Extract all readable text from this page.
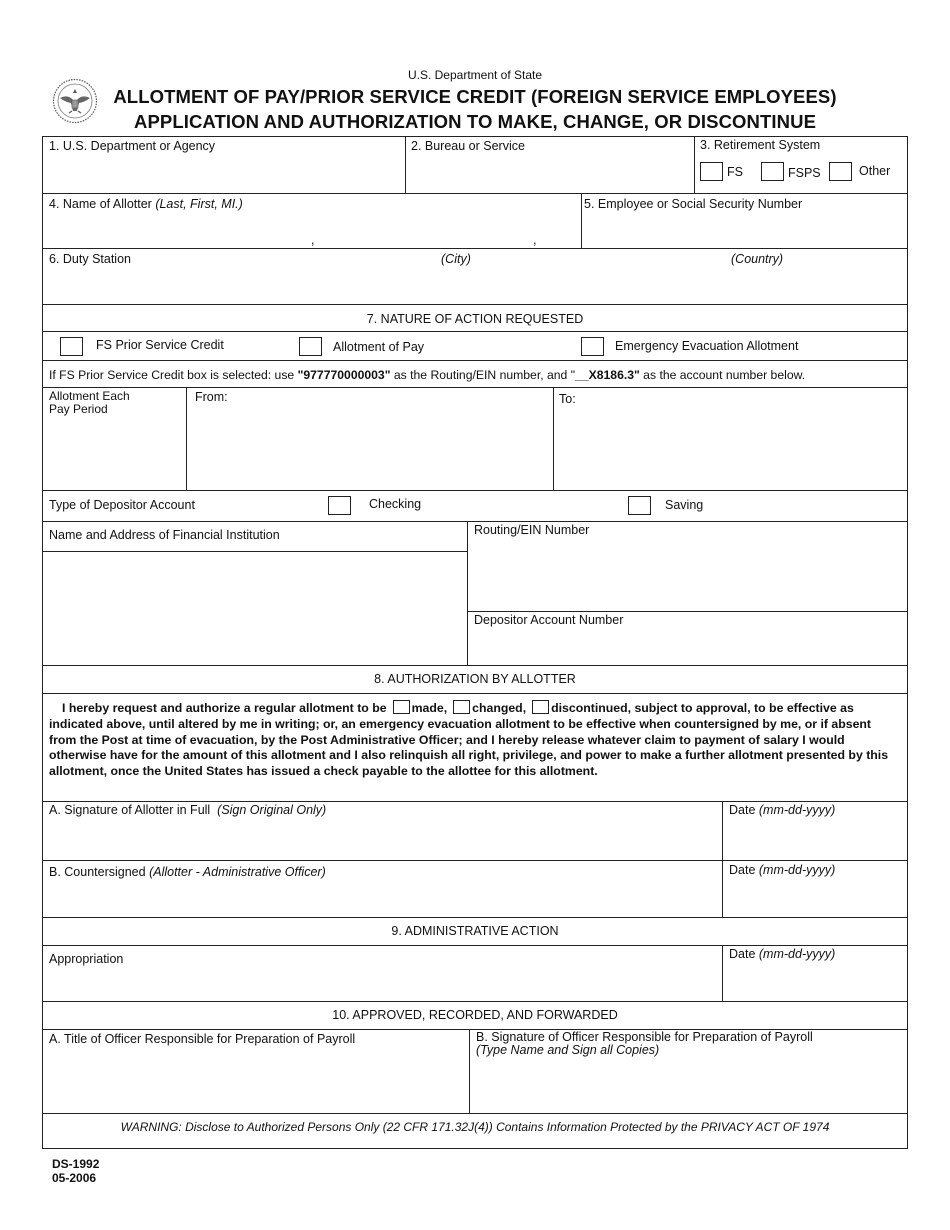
U.S. Department of State
ALLOTMENT OF PAY/PRIOR SERVICE CREDIT (FOREIGN SERVICE EMPLOYEES)
APPLICATION AND AUTHORIZATION TO MAKE, CHANGE, OR DISCONTINUE
1. U.S. Department or Agency	2. Bureau or Service	3. Retirement System
FS	FSPS	Other
4. Name of Allotter (Last, First, MI.)
,	,
5. Employee or Social Security Number
6. Duty Station	(City)	(Country)
7. NATURE OF ACTION REQUESTED
FS Prior Service Credit	Allotment of Pay	Emergency Evacuation Allotment
If FS Prior Service Credit box is selected: use "977770000003" as the Routing/EIN number, and "__X8186.3" as the account number below.
Allotment Each
Pay Period
From:	To:
Type of Depositor Account	Checking	Saving
Name and Address of Financial Institution	Routing/EIN Number
Depositor Account Number
8. AUTHORIZATION BY ALLOTTER
I hereby request and authorize a regular allotment to be made, changed, discontinued, subject to approval, to be effective as indicated above, until altered by me in writing; or, an emergency evacuation allotment to be effective when countersigned by me, or if absent from the Post at time of evacuation, by the Post Administrative Officer; and I hereby release whatever claim to payment of salary I would otherwise have for the amount of this allotment and I also relinquish all right, privilege, and power to make a further allotment presented by this allotment, once the United States has issued a check payable to the allottee for this allotment.
A. Signature of Allotter in Full (Sign Original Only)	Date (mm-dd-yyyy)
B. Countersigned (Allotter - Administrative Officer)	Date (mm-dd-yyyy)
9. ADMINISTRATIVE ACTION
Appropriation	Date (mm-dd-yyyy)
10. APPROVED, RECORDED, AND FORWARDED
A. Title of Officer Responsible for Preparation of Payroll	B. Signature of Officer Responsible for Preparation of Payroll
(Type Name and Sign all Copies)
WARNING: Disclose to Authorized Persons Only (22 CFR 171.32J(4)) Contains Information Protected by the PRIVACY ACT OF 1974
DS-1992
05-2006
